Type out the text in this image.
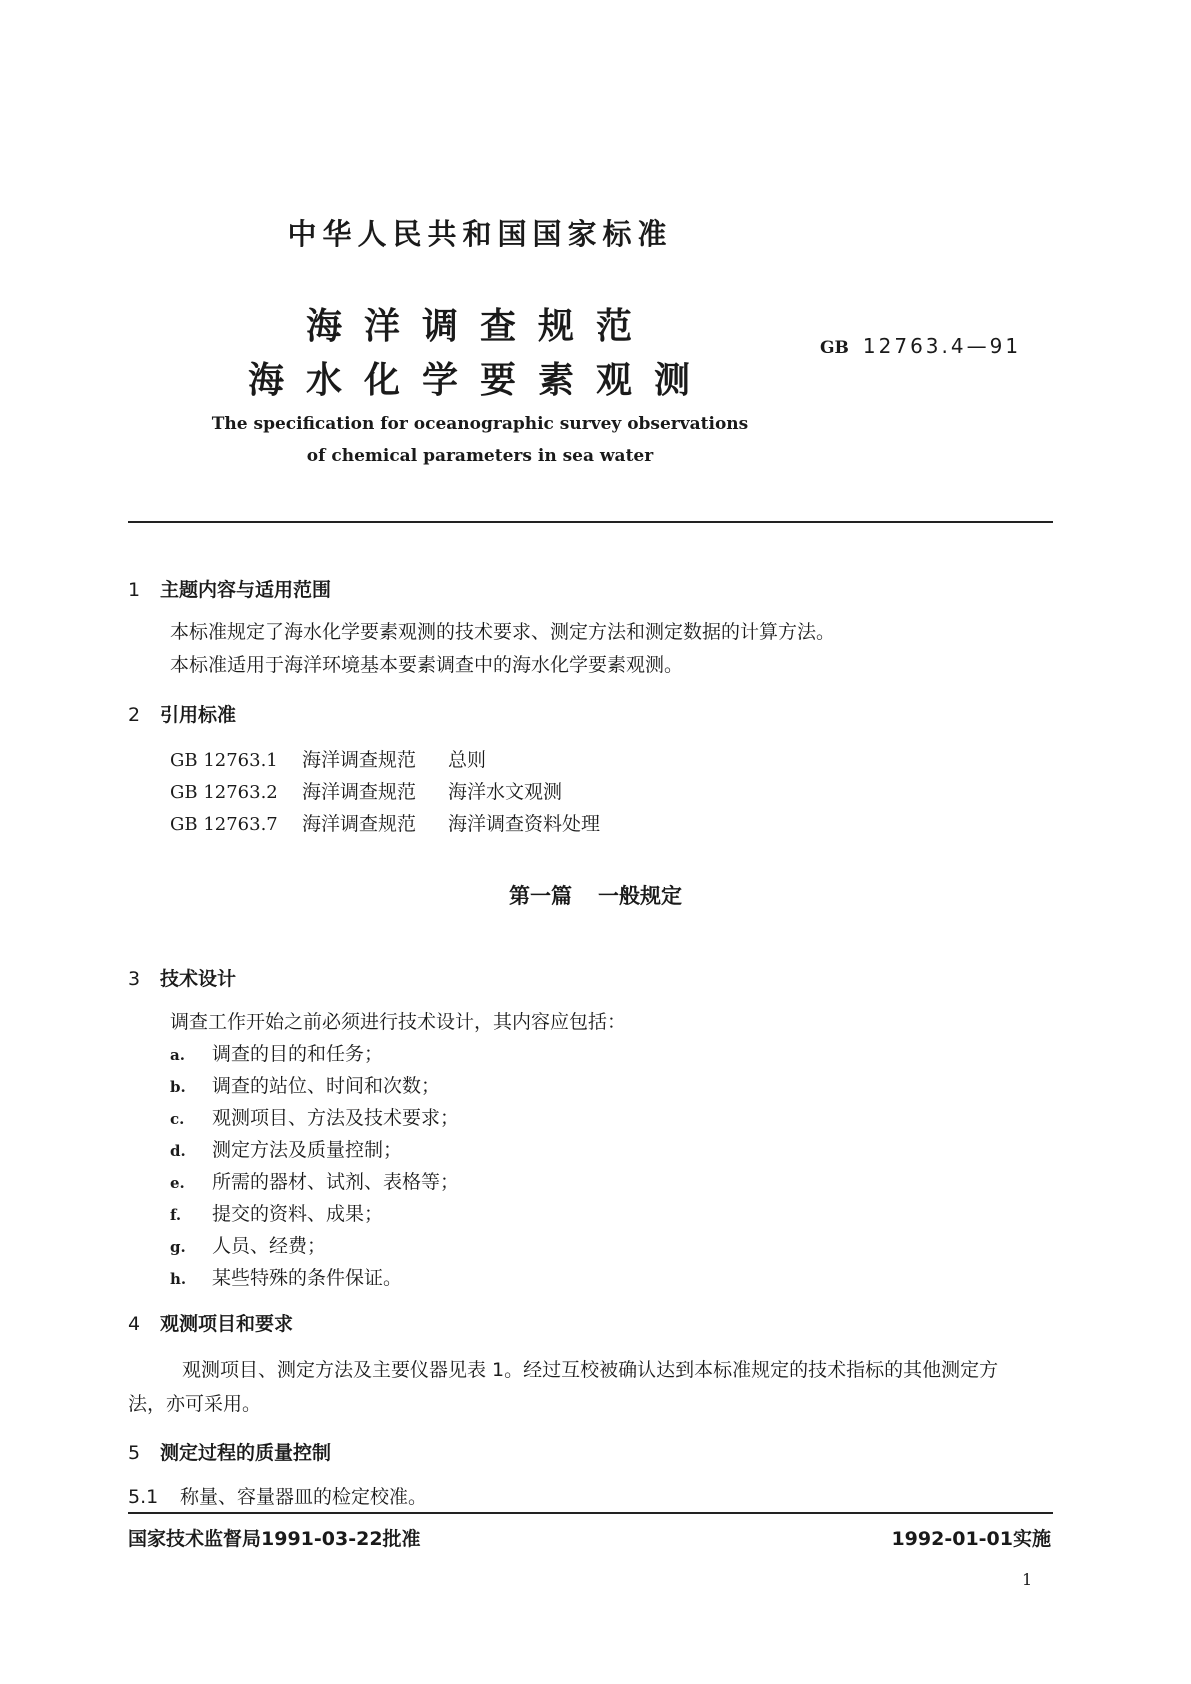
中华人民共和国国家标准
海洋调查规范
海水化学要素观测
GB 12763.4—91
The specification for oceanographic survey observations
of chemical parameters in sea water
1 主题内容与适用范围
本标准规定了海水化学要素观测的技术要求、测定方法和测定数据的计算方法。
本标准适用于海洋环境基本要素调查中的海水化学要素观测。
2 引用标准
GB 12763.1 海洋调查规范 总则
GB 12763.2 海洋调查规范 海洋水文观测
GB 12763.7 海洋调查规范 海洋调查资料处理
第一篇 一般规定
3 技术设计
调查工作开始之前必须进行技术设计，其内容应包括：
a. 调查的目的和任务；
b. 调查的站位、时间和次数；
c. 观测项目、方法及技术要求；
d. 测定方法及质量控制；
e. 所需的器材、试剂、表格等；
f. 提交的资料、成果；
g. 人员、经费；
h. 某些特殊的条件保证。
4 观测项目和要求
观测项目、测定方法及主要仪器见表 1。经过互校被确认达到本标准规定的技术指标的其他测定方
法，亦可采用。
5 测定过程的质量控制
5.1 称量、容量器皿的检定校准。
国家技术监督局1991-03-22批准	1992-01-01实施
1
